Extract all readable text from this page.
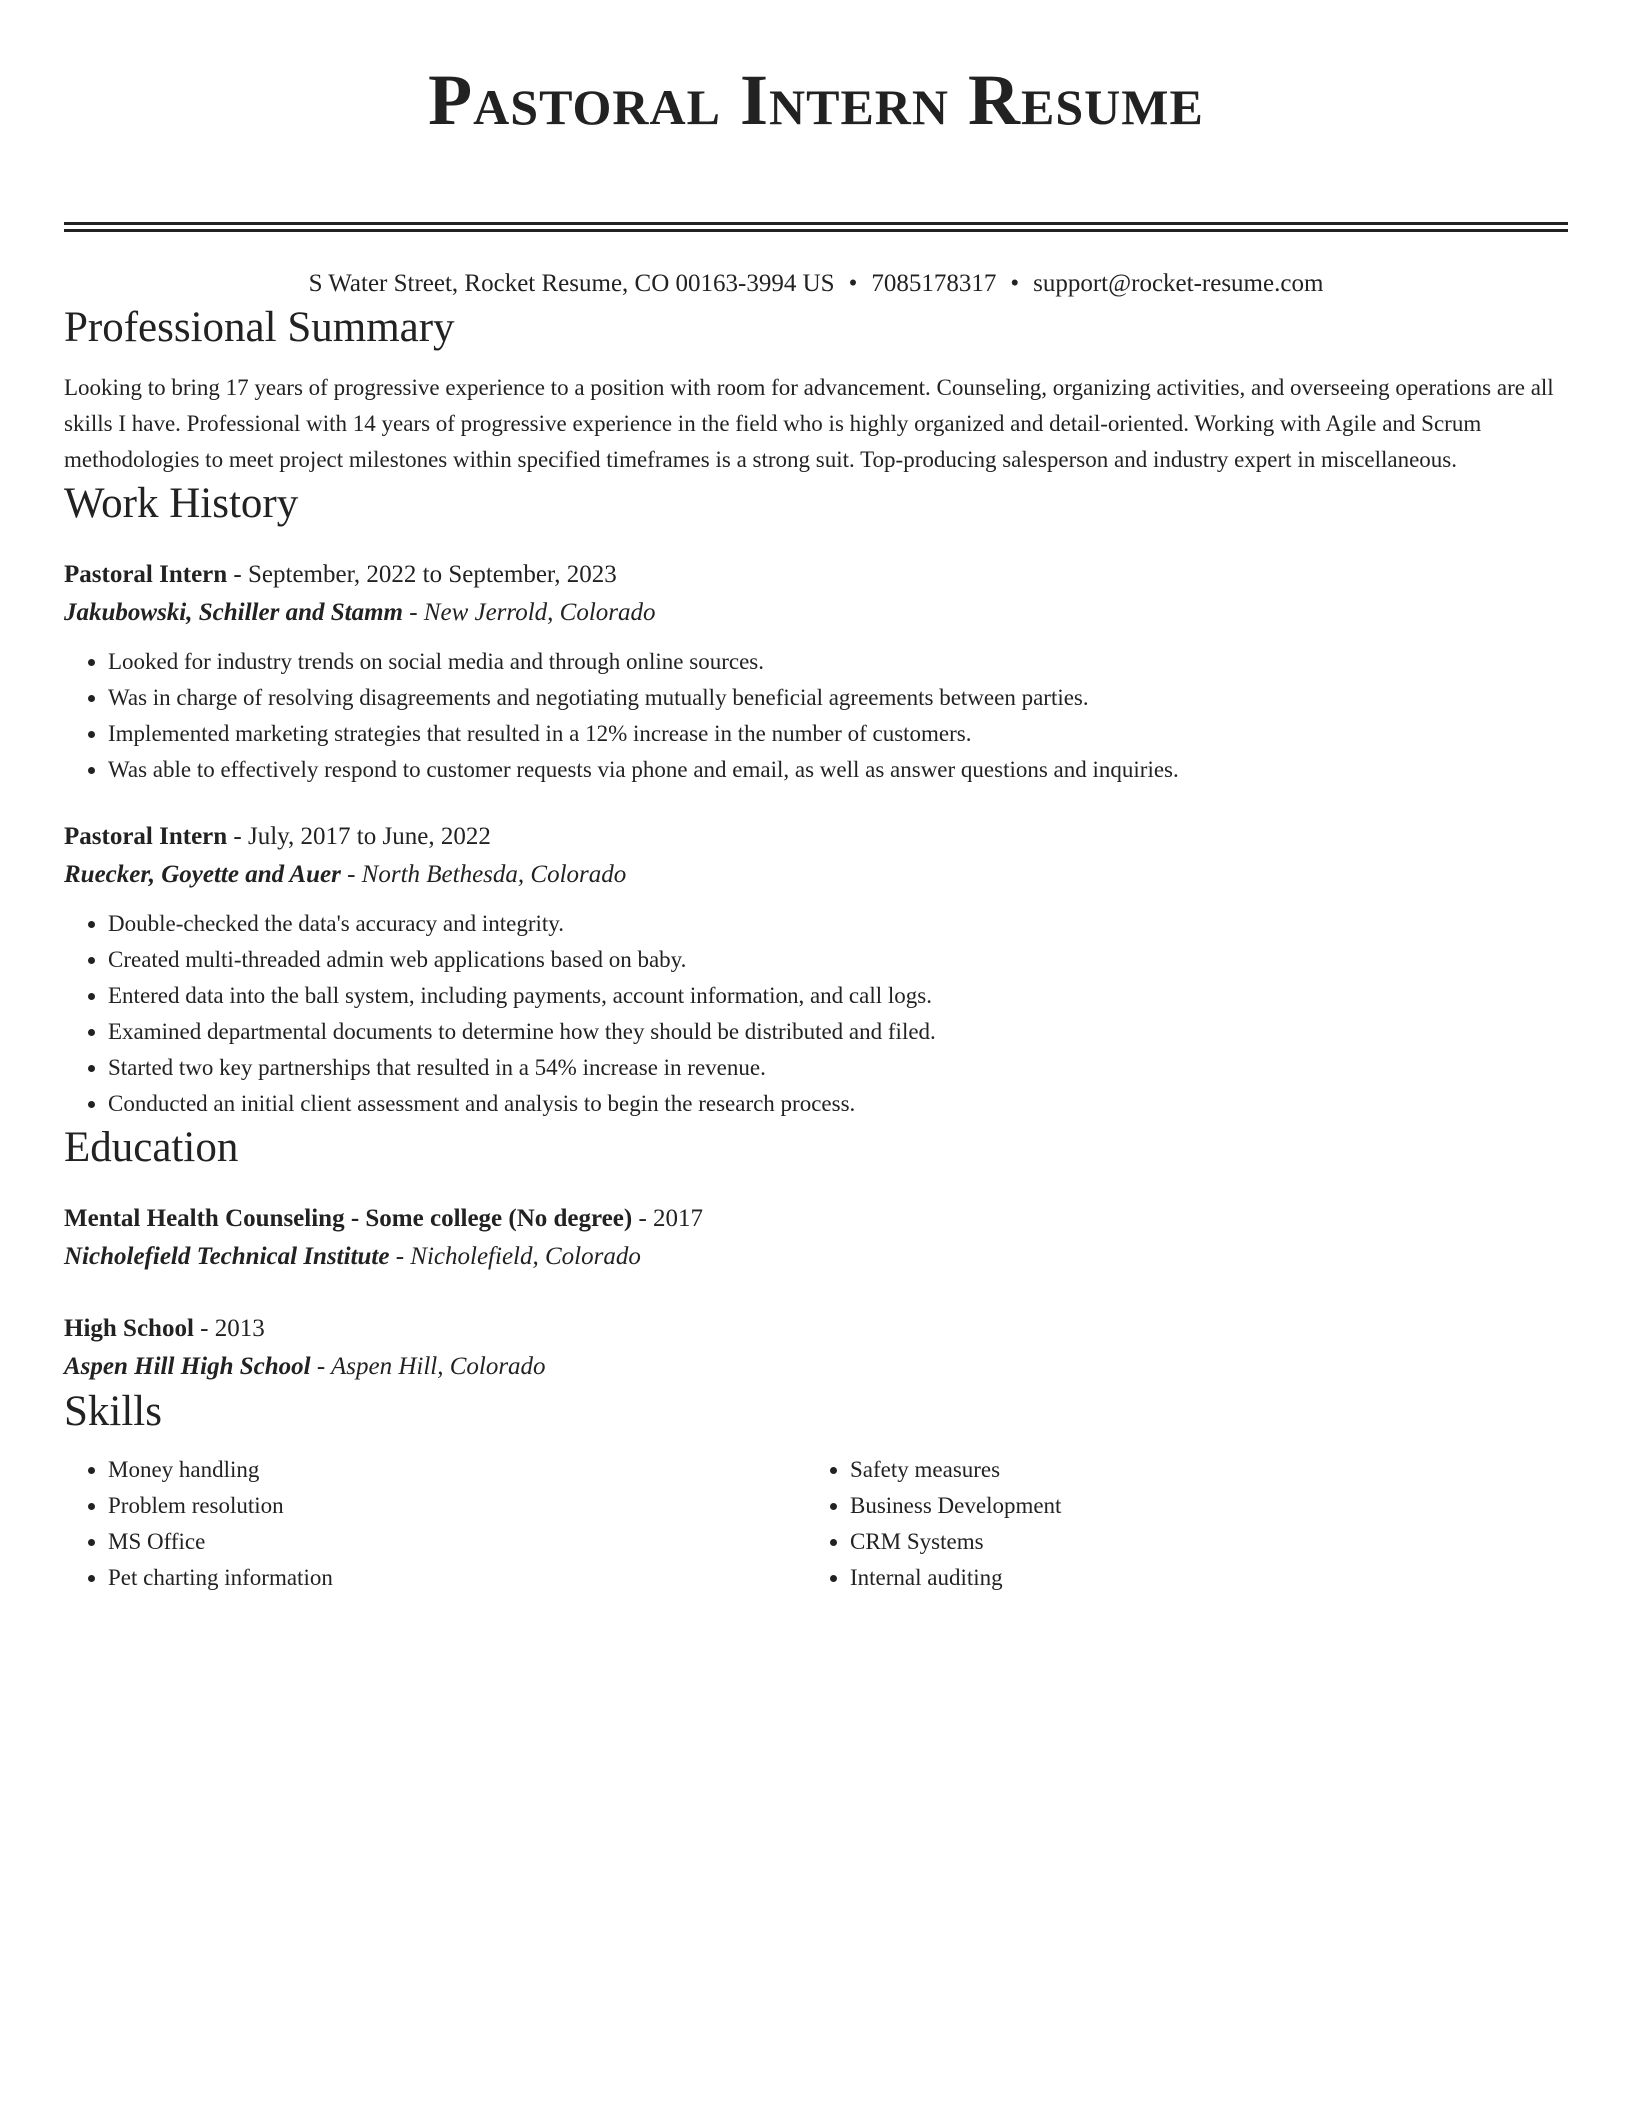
Pastoral Intern Resume
S Water Street, Rocket Resume, CO 00163-3994 US • 7085178317 • support@rocket-resume.com
Professional Summary

Looking to bring 17 years of progressive experience to a position with room for advancement. Counseling, organizing activities, and overseeing operations are all skills I have. Professional with 14 years of progressive experience in the field who is highly organized and detail-oriented. Working with Agile and Scrum methodologies to meet project milestones within specified timeframes is a strong suit. Top-producing salesperson and industry expert in miscellaneous.

Work History
Pastoral Intern - September, 2022 to September, 2023
Jakubowski, Schiller and Stamm - New Jerrold, Colorado
• Looked for industry trends on social media and through online sources.
• Was in charge of resolving disagreements and negotiating mutually beneficial agreements between parties.
• Implemented marketing strategies that resulted in a 12% increase in the number of customers.
• Was able to effectively respond to customer requests via phone and email, as well as answer questions and inquiries.
Pastoral Intern - July, 2017 to June, 2022
Ruecker, Goyette and Auer - North Bethesda, Colorado
• Double-checked the data's accuracy and integrity.
• Created multi-threaded admin web applications based on baby.
• Entered data into the ball system, including payments, account information, and call logs.
• Examined departmental documents to determine how they should be distributed and filed.
• Started two key partnerships that resulted in a 54% increase in revenue.
• Conducted an initial client assessment and analysis to begin the research process.
Education
Mental Health Counseling - Some college (No degree) - 2017
Nicholefield Technical Institute - Nicholefield, Colorado
High School - 2013
Aspen Hill High School - Aspen Hill, Colorado
Skills
• Money handling
• Problem resolution
• MS Office
• Pet charting information
• Safety measures
• Business Development
• CRM Systems
• Internal auditing
